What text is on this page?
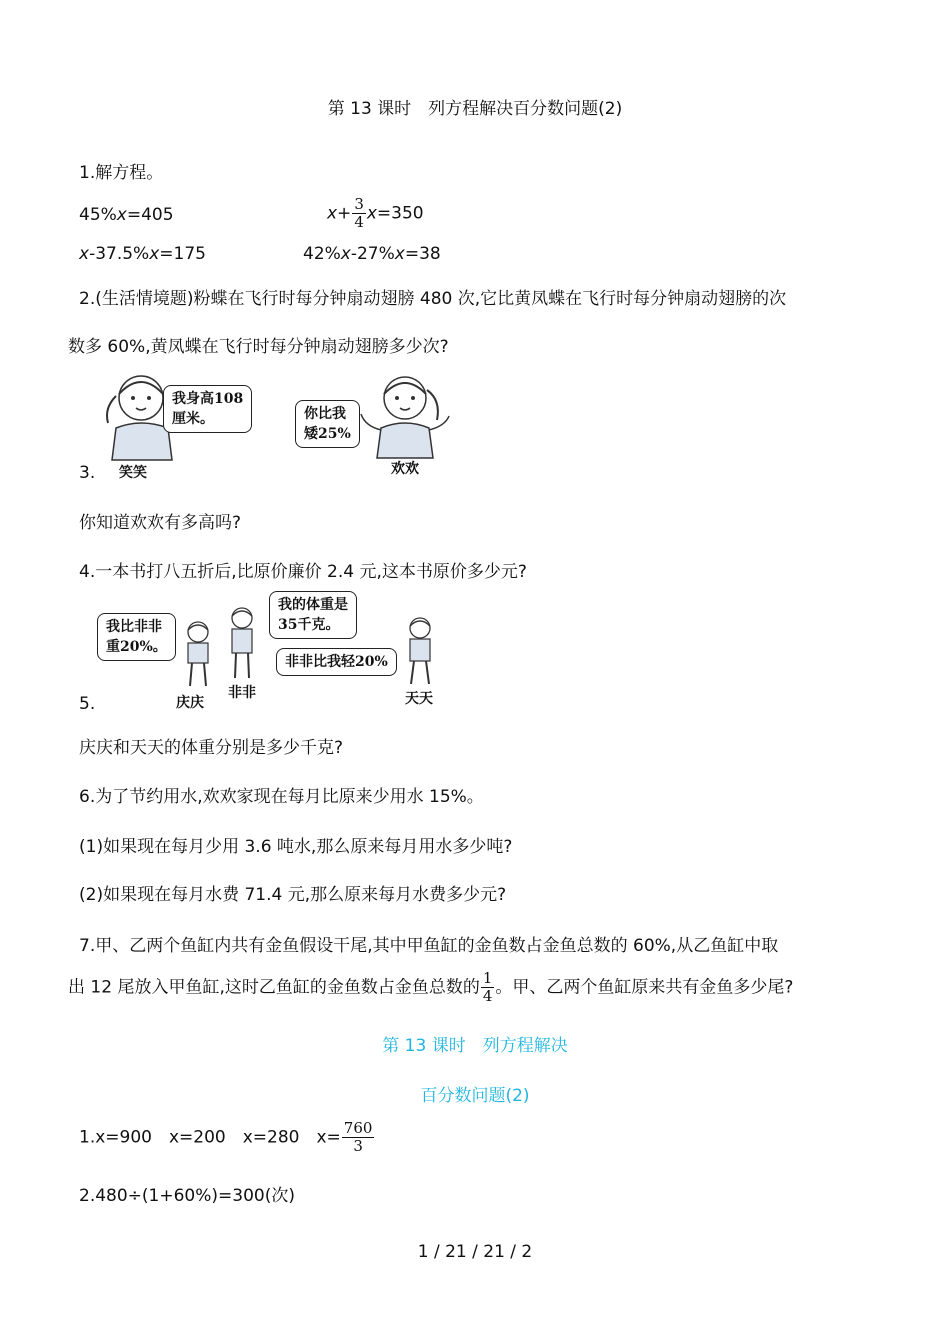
第 13 课时　列方程解决百分数问题(2)
1.解方程。
45%x=405	$x+ \frac{3}{4} x=350$
x-37.5%x=175	42%x-27%x=38
2.(生活情境题)粉蝶在飞行时每分钟扇动翅膀 480 次,它比黄凤蝶在飞行时每分钟扇动翅膀的次
数多 60%,黄凤蝶在飞行时每分钟扇动翅膀多少次?
3.
我身高108
厘米。
笑笑
你比我
矮25%
欢欢
你知道欢欢有多高吗?
4.一本书打八五折后,比原价廉价 2.4 元,这本书原价多少元?
5.
我比非非
重20%。
庆庆
非非
我的体重是
35千克。
非非比我轻20%
天天
庆庆和天天的体重分别是多少千克?
6.为了节约用水,欢欢家现在每月比原来少用水 15%。
(1)如果现在每月少用 3.6 吨水,那么原来每月用水多少吨?
(2)如果现在每月水费 71.4 元,那么原来每月水费多少元?
7.甲、乙两个鱼缸内共有金鱼假设干尾,其中甲鱼缸的金鱼数占金鱼总数的 60%,从乙鱼缸中取
出 12 尾放入甲鱼缸,这时乙鱼缸的金鱼数占金鱼总数的 $\frac{1}{4}$ 。甲、乙两个鱼缸原来共有金鱼多少尾?
第 13 课时　列方程解决
百分数问题(2)
1.x=900　x=200　x=280　$x= \frac{760}{3}$
2.480÷(1+60%)=300(次)
1 / 21 / 21 / 2
